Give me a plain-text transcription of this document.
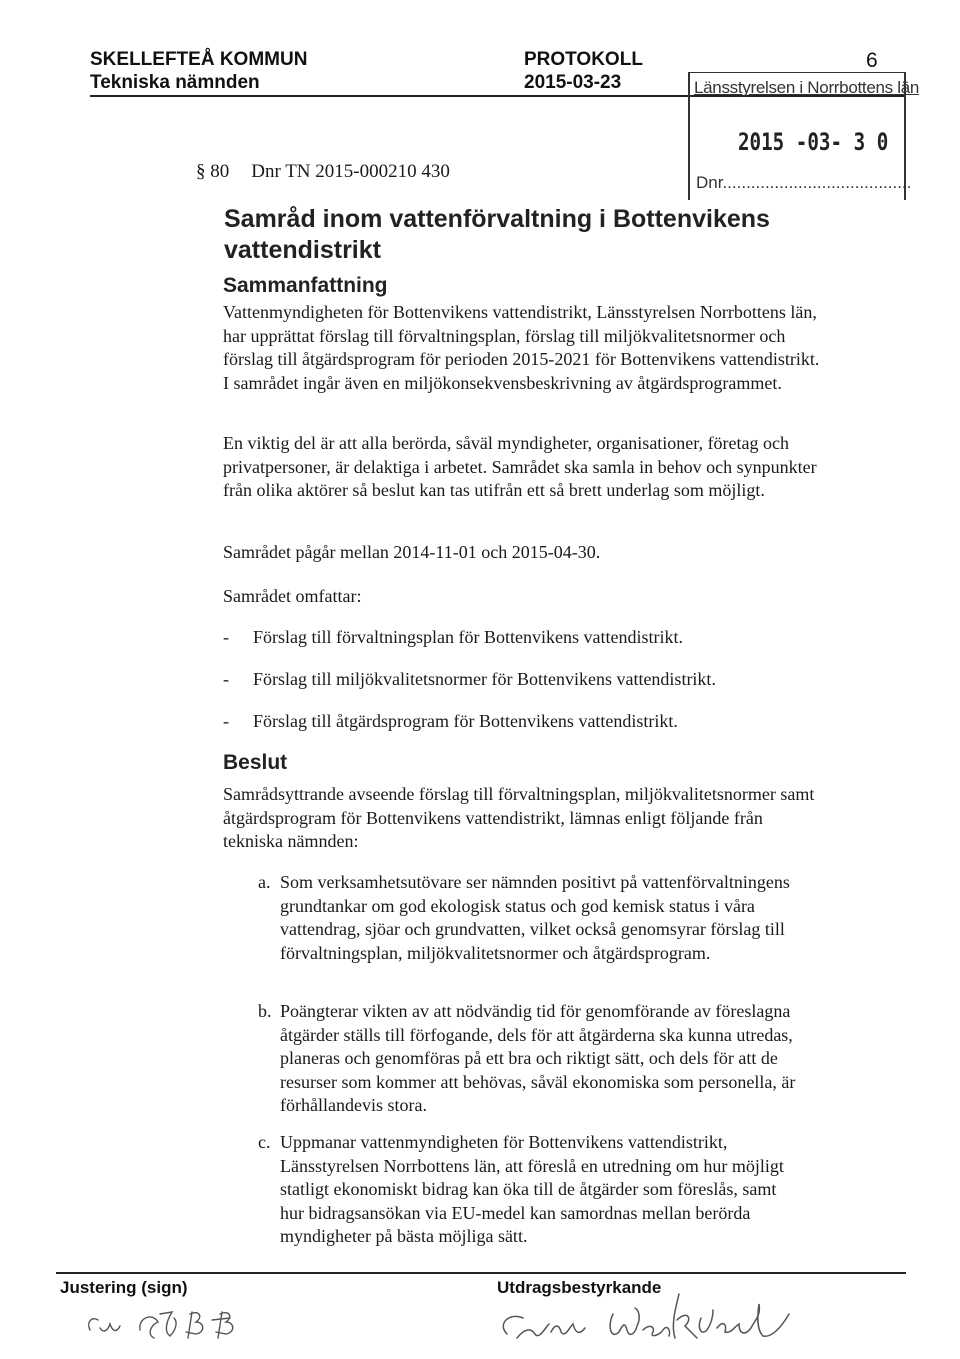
SKELLEFTEÅ KOMMUN
Tekniska nämnden
PROTOKOLL
2015-03-23
6
Länsstyrelsen i Norrbottens län
2015 -03- 3 0
Dnr........................................
§ 80 Dnr TN 2015-000210 430
Samråd inom vattenförvaltning i Bottenvikens vattendistrikt
Sammanfattning
Vattenmyndigheten för Bottenvikens vattendistrikt, Länsstyrelsen Norrbottens län, har upprättat förslag till förvaltningsplan, förslag till miljökvalitetsnormer och förslag till åtgärdsprogram för perioden 2015-2021 för Bottenvikens vattendistrikt. I samrådet ingår även en miljökonsekvensbeskrivning av åtgärdsprogrammet.
En viktig del är att alla berörda, såväl myndigheter, organisationer, företag och privatpersoner, är delaktiga i arbetet. Samrådet ska samla in behov och synpunkter från olika aktörer så beslut kan tas utifrån ett så brett underlag som möjligt.
Samrådet pågår mellan 2014-11-01 och 2015-04-30.
Samrådet omfattar:
- Förslag till förvaltningsplan för Bottenvikens vattendistrikt.
- Förslag till miljökvalitetsnormer för Bottenvikens vattendistrikt.
- Förslag till åtgärdsprogram för Bottenvikens vattendistrikt.
Beslut
Samrådsyttrande avseende förslag till förvaltningsplan, miljökvalitetsnormer samt åtgärdsprogram för Bottenvikens vattendistrikt, lämnas enligt följande från tekniska nämnden:
a. Som verksamhetsutövare ser nämnden positivt på vattenförvaltningens grundtankar om god ekologisk status och god kemisk status i våra vattendrag, sjöar och grundvatten, vilket också genomsyrar förslag till förvaltningsplan, miljökvalitetsnormer och åtgärdsprogram.
b. Poängterar vikten av att nödvändig tid för genomförande av föreslagna åtgärder ställs till förfogande, dels för att åtgärderna ska kunna utredas, planeras och genomföras på ett bra och riktigt sätt, och dels för att de resurser som kommer att behövas, såväl ekonomiska som personella, är förhållandevis stora.
c. Uppmanar vattenmyndigheten för Bottenvikens vattendistrikt, Länsstyrelsen Norrbottens län, att föreslå en utredning om hur möjligt statligt ekonomiskt bidrag kan öka till de åtgärder som föreslås, samt hur bidragsansökan via EU-medel kan samordnas mellan berörda myndigheter på bästa möjliga sätt.
Justering (sign)	Utdragsbestyrkande
